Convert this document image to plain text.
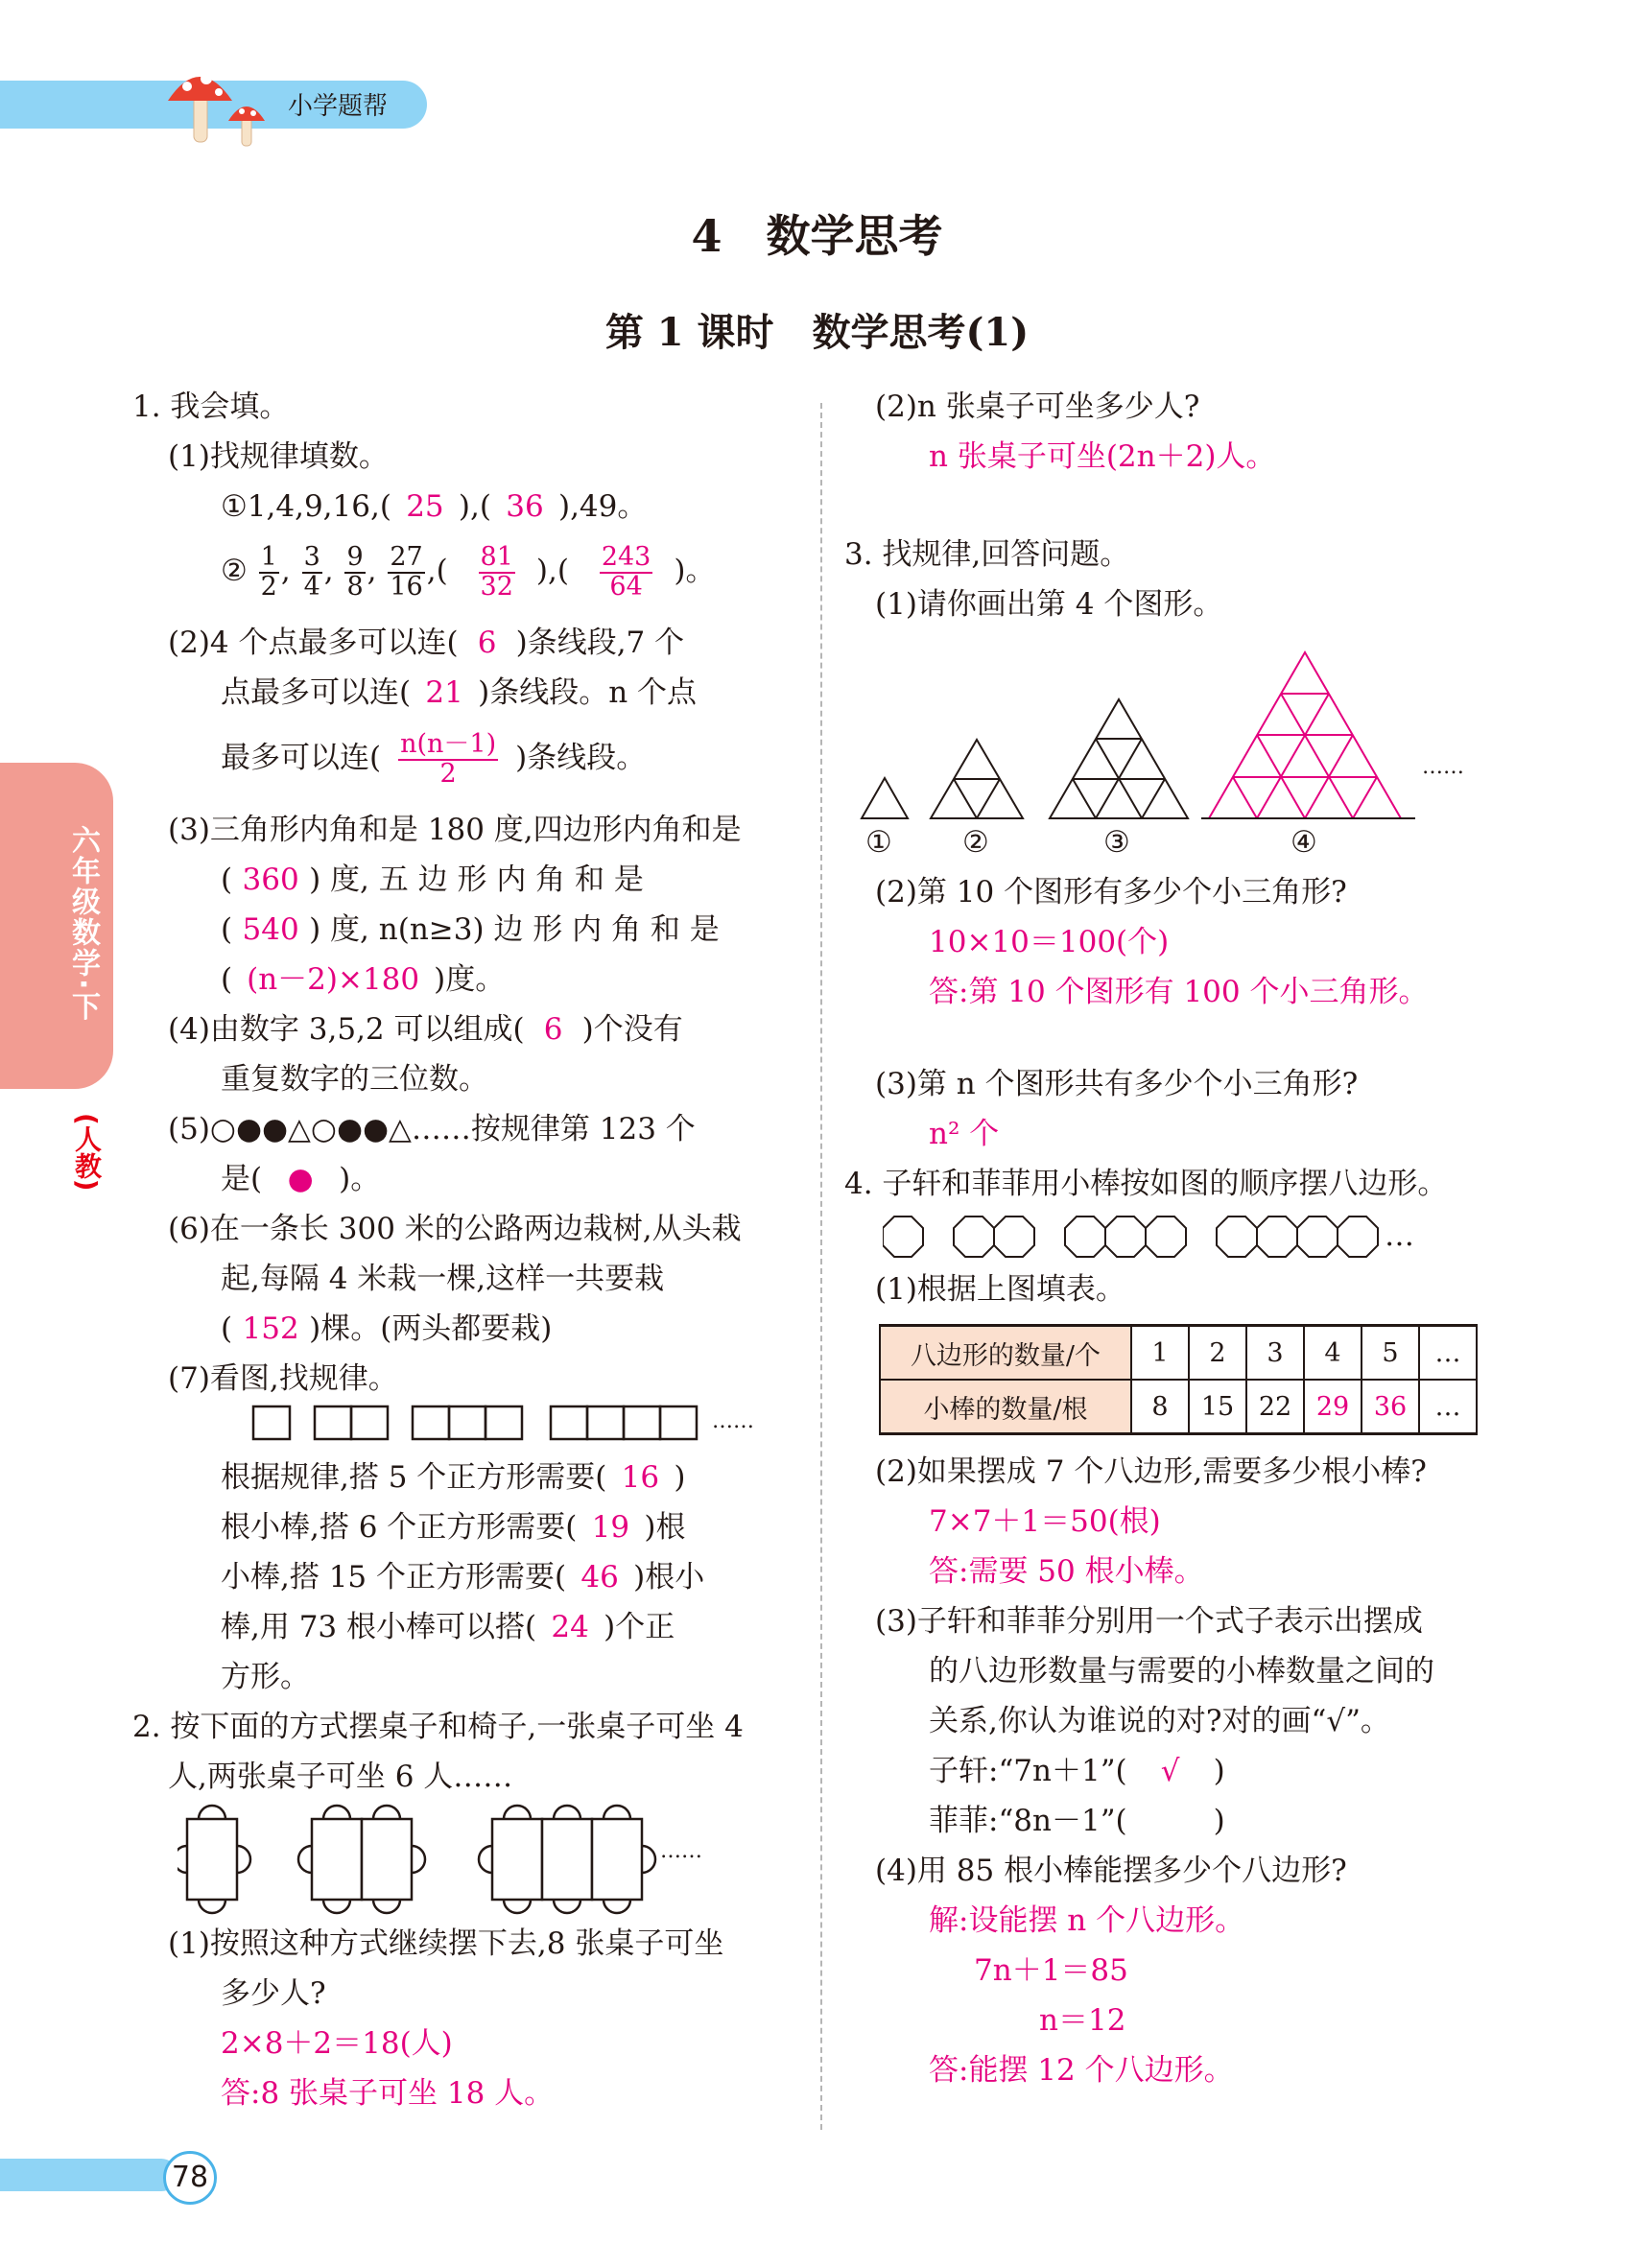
小学题帮
六年级数学·下
(人教)
78
4　数学思考
第 1 课时　数学思考(1)
1. 我会填。
(1)找规律填数。
①1,4,9,16,( 25 ),( 36 ),49。
② $\frac{1}{2}$ , $\frac{3}{4}$ , $\frac{9}{8}$ , $\frac{27}{16}$ ,( $\frac{81}{32}$ ),( $\frac{243}{64}$ )。
(2)4 个点最多可以连( 6 )条线段,7 个
点最多可以连( 21 )条线段。n 个点
最多可以连( $\frac{n(n-1)}{2}$ )条线段。
(3)三角形内角和是 180 度,四边形内角和是
( 360 ) 度, 五 边 形 内 角 和 是
( 540 ) 度, n(n≥3) 边 形 内 角 和 是
( (n－2)×180 )度。
(4)由数字 3,5,2 可以组成( 6 )个没有
重复数字的三位数。
(5)○●●△○●●△……按规律第 123 个
是( ● )。
(6)在一条长 300 米的公路两边栽树,从头栽
起,每隔 4 米栽一棵,这样一共要栽
( 152 )棵。(两头都要栽)
(7)看图,找规律。
……
根据规律,搭 5 个正方形需要( 16 )
根小棒,搭 6 个正方形需要( 19 )根
小棒,搭 15 个正方形需要( 46 )根小
棒,用 73 根小棒可以搭( 24 )个正
方形。
2. 按下面的方式摆桌子和椅子,一张桌子可坐 4
人,两张桌子可坐 6 人……
……
(1)按照这种方式继续摆下去,8 张桌子可坐
多少人?
2×8＋2＝18(人)
答:8 张桌子可坐 18 人。
(2)n 张桌子可坐多少人?
n 张桌子可坐(2n＋2)人。
3. 找规律,回答问题。
(1)请你画出第 4 个图形。
……
① ②	③	④
(2)第 10 个图形有多少个小三角形?
10×10＝100(个)
答:第 10 个图形有 100 个小三角形。
(3)第 n 个图形共有多少个小三角形?
n² 个
4. 子轩和菲菲用小棒按如图的顺序摆八边形。
…
(1)根据上图填表。
八边形的数量/个	1	2	3	4	5	…
小棒的数量/根	8	15	22	29	36	…
(2)如果摆成 7 个八边形,需要多少根小棒?
7×7＋1＝50(根)
答:需要 50 根小棒。
(3)子轩和菲菲分别用一个式子表示出摆成
的八边形数量与需要的小棒数量之间的
关系,你认为谁说的对?对的画“√”。
子轩:“7n＋1”( √ )
菲菲:“8n－1”(	)
(4)用 85 根小棒能摆多少个八边形?
解:设能摆 n 个八边形。
7n＋1＝85
n＝12
答:能摆 12 个八边形。
